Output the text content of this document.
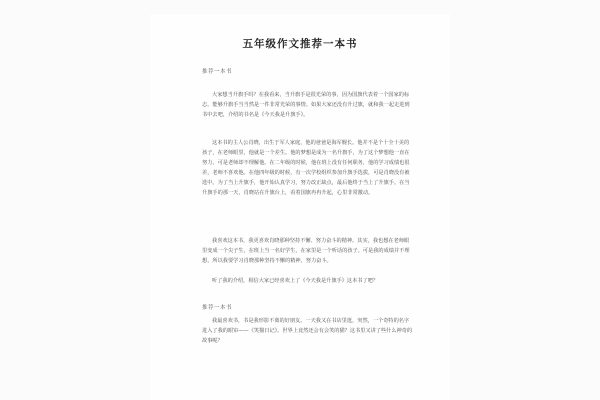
五年级作文推荐一本书
推荐一本书
大家想当升旗手吗？在我看来，当升旗手是很光荣的事，因为国旗代表着一个国家的标志。能够升旗手当当然是一件非常光荣的事情。如果大家还没有升过旗，就和我一起走进到书中去吧，介绍的书名是《今天我是升旗手》。
这本书的主人公肖晓，出生于军人家庭，他的爸爸是海军舰长。他并不是个十全十美的孩子，在老师眼里，他就是一个差生。他的梦想是成为一名升旗手，为了这个梦想他一直在努力，可是老师却不理解他。在二年级的时候，他在班上没有任何职务，他的学习成绩也很差，老师不喜欢他。在他四年级的时候，有一次学校组织参加升旗手选拔，可是肖晓没有被选中。为了当上升旗手，他开始认真学习，努力改正缺点，最后他终于当上了升旗手。在当升旗手的那一天，肖晓站在升旗台上，看着国旗冉冉升起，心里非常激动。
我喜欢这本书，我更喜欢肖晓那种坚持不懈、努力奋斗的精神。其实，我也想在老师眼里变成一个尖子生，在班上当一名好学生，在家里是一个听话的孩子。可是我的成绩并不理想，所以我要学习肖晓那种坚持不懈的精神，努力奋斗。
听了我的介绍，相信大家已经喜欢上了《今天我是升旗手》这本书了吧？
推荐一本书
我最喜欢书，书是我形影不离的好朋友。一天我又在书店里逛，突然，一个奇特的名字进入了我的眼帘——《笑猫日记》。世界上竟然还会有会笑的猫？这书里又讲了些什么神奇的故事呢？
